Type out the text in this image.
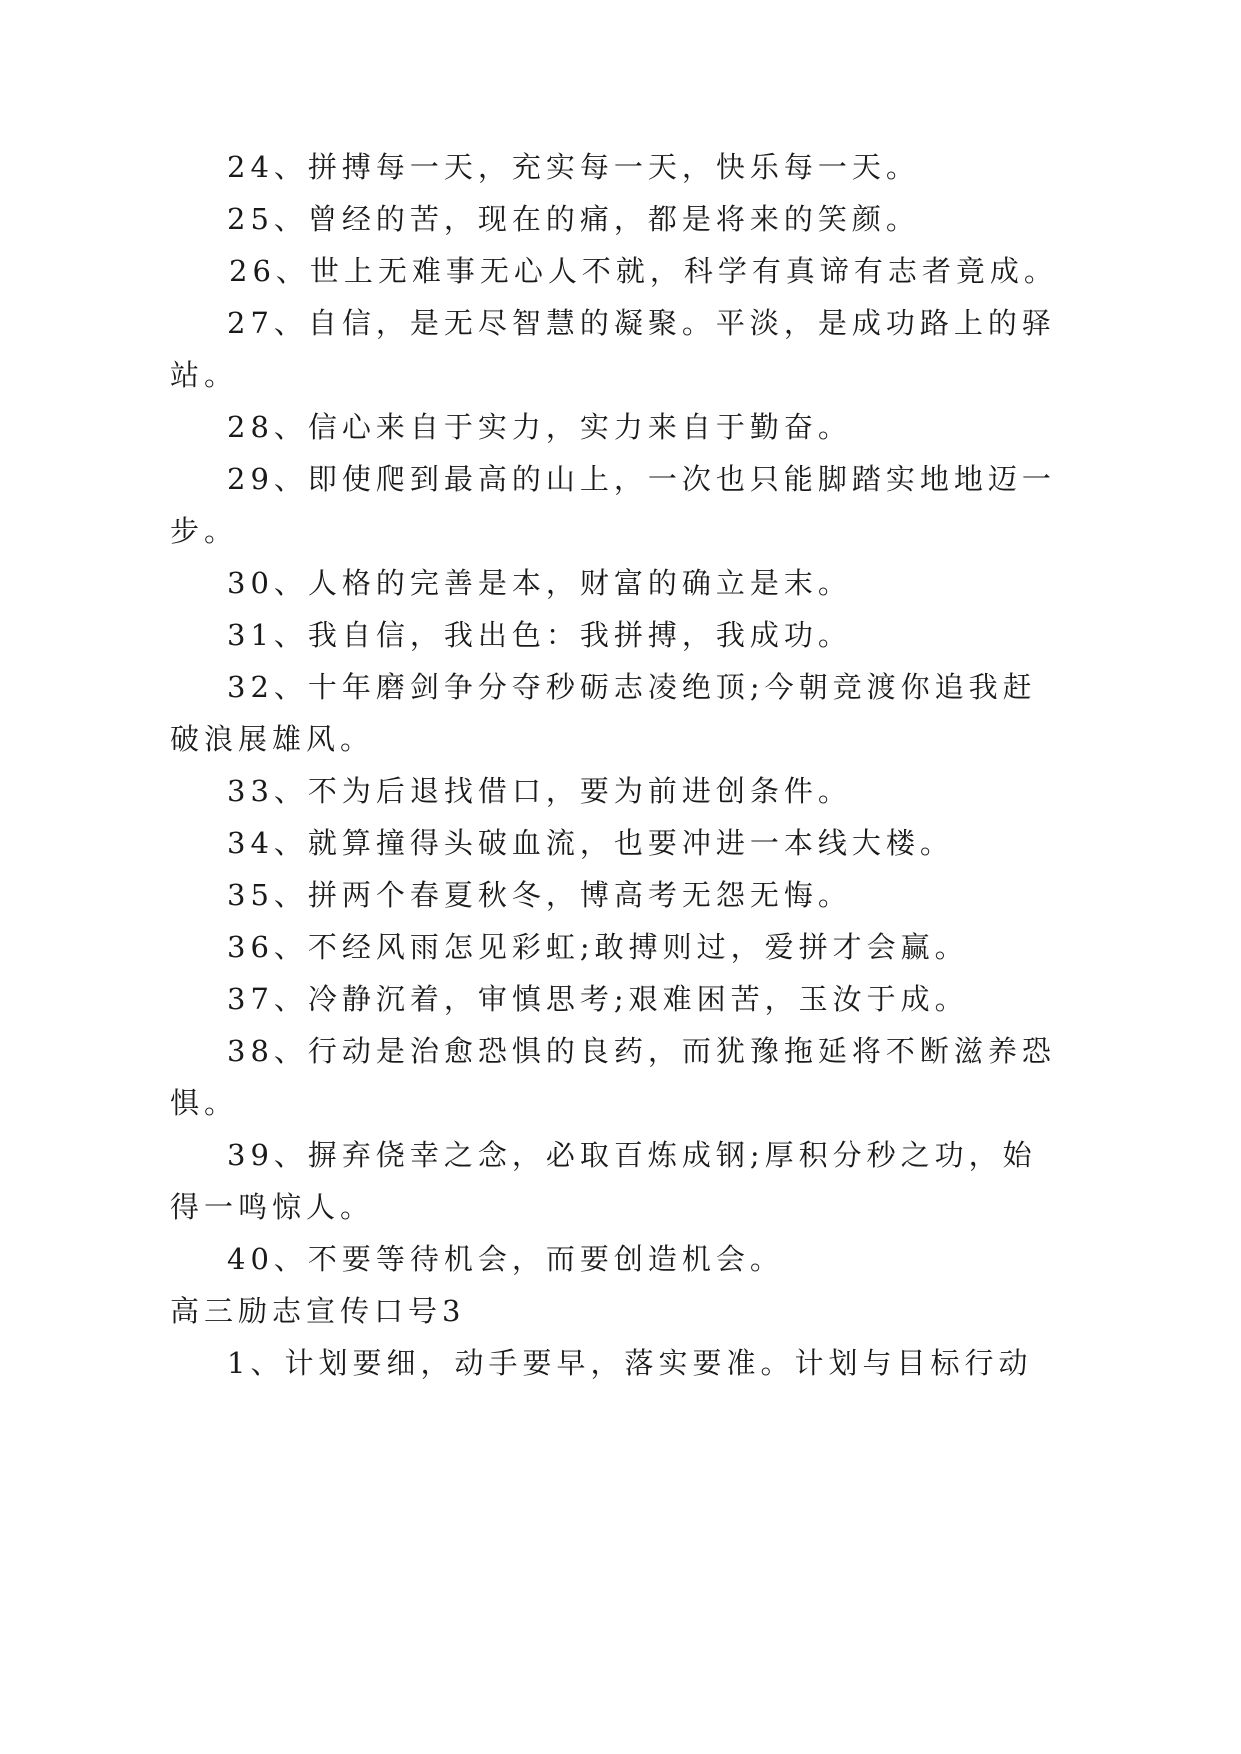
24、拼搏每一天，充实每一天，快乐每一天。
25、曾经的苦，现在的痛，都是将来的笑颜。
26、世上无难事无心人不就，科学有真谛有志者竟成。
27、自信，是无尽智慧的凝聚。平淡，是成功路上的驿
站。
28、信心来自于实力，实力来自于勤奋。
29、即使爬到最高的山上，一次也只能脚踏实地地迈一
步。
30、人格的完善是本，财富的确立是末。
31、我自信，我出色：我拼搏，我成功。
32、十年磨剑争分夺秒砺志凌绝顶;今朝竞渡你追我赶
破浪展雄风。
33、不为后退找借口，要为前进创条件。
34、就算撞得头破血流，也要冲进一本线大楼。
35、拼两个春夏秋冬，博高考无怨无悔。
36、不经风雨怎见彩虹;敢搏则过，爱拼才会赢。
37、冷静沉着，审慎思考;艰难困苦，玉汝于成。
38、行动是治愈恐惧的良药，而犹豫拖延将不断滋养恐
惧。
39、摒弃侥幸之念，必取百炼成钢;厚积分秒之功，始
得一鸣惊人。
40、不要等待机会，而要创造机会。
高三励志宣传口号3
1、计划要细，动手要早，落实要准。计划与目标行动
